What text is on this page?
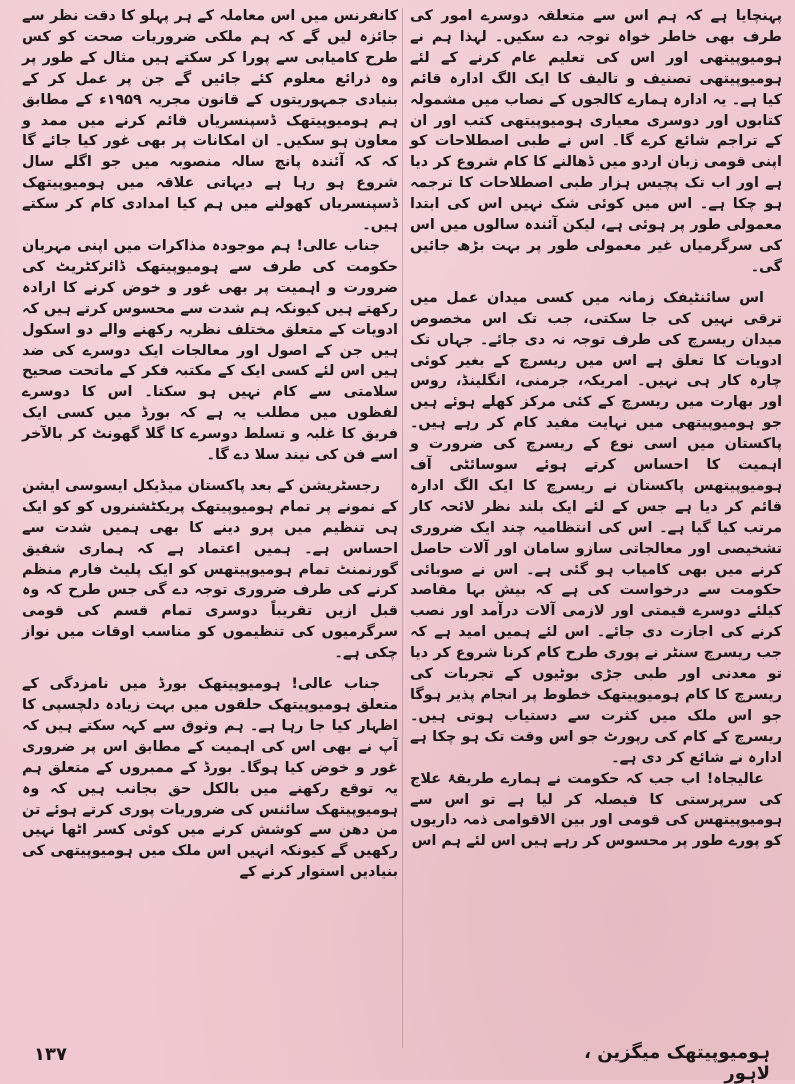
پہنچایا ہے کہ ہم اس سے متعلقہ دوسرے امور کی طرف بھی خاطر خواہ توجہ دے سکیں۔ لہذا ہم نے ہومیوپیتھی اور اس کی تعلیم عام کرنے کے لئے ہومیوپیتھی تصنیف و تالیف کا ایک الگ ادارہ قائم کیا ہے۔ یہ ادارہ ہمارے کالجوں کے نصاب میں مشمولہ کتابوں اور دوسری معیاری ہومیوپیتھی کتب اور ان کے تراجم شائع کرے گا۔ اس نے طبی اصطلاحات کو اپنی قومی زبان اردو میں ڈھالنے کا کام شروع کر دیا ہے اور اب تک پچیس ہزار طبی اصطلاحات کا ترجمہ ہو چکا ہے۔ اس میں کوئی شک نہیں اس کی ابتدا معمولی طور پر ہوئی ہے، لیکن آئندہ سالوں میں اس کی سرگرمیاں غیر معمولی طور پر بہت بڑھ جائیں گی۔

اس سائنٹیفک زمانہ میں کسی میدان عمل میں ترقی نہیں کی جا سکتی، جب تک اس مخصوص میدان ریسرچ کی طرف توجہ نہ دی جائے۔ جہاں تک ادویات کا تعلق ہے اس میں ریسرچ کے بغیر کوئی چارہ کار ہی نہیں۔ امریکہ، جرمنی، انگلینڈ، روس اور بھارت میں ریسرچ کے کئی مرکز کھلے ہوئے ہیں جو ہومیوپیتھی میں نہایت مفید کام کر رہے ہیں۔ پاکستان میں اسی نوع کے ریسرچ کی ضرورت و اہمیت کا احساس کرتے ہوئے سوسائٹی آف ہومیوپیتھس پاکستان نے ریسرچ کا ایک الگ ادارہ قائم کر دیا ہے جس کے لئے ایک بلند نظر لائحہ کار مرتب کیا گیا ہے۔ اس کی انتظامیہ چند ایک ضروری تشخیصی اور معالجاتی سازو سامان اور آلات حاصل کرنے میں بھی کامیاب ہو گئی ہے۔ اس نے صوبائی حکومت سے درخواست کی ہے کہ بیش بہا مقاصد کیلئے دوسرے قیمتی اور لازمی آلات درآمد اور نصب کرنے کی اجازت دی جائے۔ اس لئے ہمیں امید ہے کہ جب ریسرچ سنٹر نے پوری طرح کام کرنا شروع کر دیا تو معدنی اور طبی جڑی بوٹیوں کے تجربات کی ریسرچ کا کام ہومیوپیتھک خطوط پر انجام پذیر ہوگا جو اس ملک میں کثرت سے دستیاب ہوتی ہیں۔ ریسرچ کے کام کی رپورٹ جو اس وقت تک ہو چکا ہے ادارہ نے شائع کر دی ہے۔

عالیجاہ! اب جب کہ حکومت نے ہمارے طریقۂ علاج کی سرپرستی کا فیصلہ کر لیا ہے تو اس سے ہومیوپیتھس کی قومی اور بین الاقوامی ذمہ داریوں کو پورے طور پر محسوس کر رہے ہیں اس لئے ہم اس

کانفرنس میں اس معاملہ کے ہر پہلو کا دقت نظر سے جائزہ لیں گے کہ ہم ملکی ضروریات صحت کو کس طرح کامیابی سے پورا کر سکتے ہیں مثال کے طور پر وہ ذرائع معلوم کئے جائیں گے جن پر عمل کر کے بنیادی جمہوریتوں کے قانون مجریہ ۱۹۵۹ء کے مطابق ہم ہومیوپیتھک ڈسپنسریاں قائم کرنے میں ممد و معاون ہو سکیں۔ ان امکانات پر بھی غور کیا جائے گا کہ کہ آئندہ پانچ سالہ منصوبہ میں جو اگلے سال شروع ہو رہا ہے دیہاتی علاقہ میں ہومیوپیتھک ڈسپنسریاں کھولنے میں ہم کیا امدادی کام کر سکتے ہیں۔

جناب عالی! ہم موجودہ مذاکرات میں اپنی مہربان حکومت کی طرف سے ہومیوپیتھک ڈائرکٹریٹ کی ضرورت و اہمیت پر بھی غور و خوض کرنے کا ارادہ رکھتے ہیں کیونکہ ہم شدت سے محسوس کرتے ہیں کہ ادویات کے متعلق مختلف نظریہ رکھنے والے دو اسکول ہیں جن کے اصول اور معالجات ایک دوسرے کی ضد ہیں اس لئے کسی ایک کے مکتبہ فکر کے ماتحت صحیح سلامتی سے کام نہیں ہو سکتا۔ اس کا دوسرے لفظوں میں مطلب یہ ہے کہ بورڈ میں کسی ایک فریق کا غلبہ و تسلط دوسرے کا گلا گھونٹ کر بالآخر اسے فن کی نیند سلا دے گا۔

رجسٹریشن کے بعد پاکستان میڈیکل ایسوسی ایشن کے نمونے پر تمام ہومیوپیتھک پریکٹشنروں کو کو ایک ہی تنظیم میں پرو دینے کا بھی ہمیں شدت سے احساس ہے۔ ہمیں اعتماد ہے کہ ہماری شفیق گورنمنٹ تمام ہومیوپیتھس کو ایک پلیٹ فارم منظم کرنے کی طرف ضروری توجہ دے گی جس طرح کہ وہ قبل ازیں تقریباً دوسری تمام قسم کی قومی سرگرمیوں کی تنظیموں کو مناسب اوقات میں نواز چکی ہے۔

جناب عالی! ہومیوپیتھک بورڈ میں نامزدگی کے متعلق ہومیوپیتھک حلقوں میں بہت زیادہ دلچسپی کا اظہار کیا جا رہا ہے۔ ہم وثوق سے کہہ سکتے ہیں کہ آپ نے بھی اس کی اہمیت کے مطابق اس پر ضروری غور و خوض کیا ہوگا۔ بورڈ کے ممبروں کے متعلق ہم یہ توقع رکھنے میں بالکل حق بجانب ہیں کہ وہ ہومیوپیتھک سائنس کی ضروریات پوری کرتے ہوئے تن من دھن سے کوشش کرنے میں کوئی کسر اٹھا نہیں رکھیں گے کیونکہ انہیں اس ملک میں ہومیوپیتھی کی بنیادیں استوار کرنے کے

۱۳۷	ہومیوپیتھک میگزین ، لاہور
